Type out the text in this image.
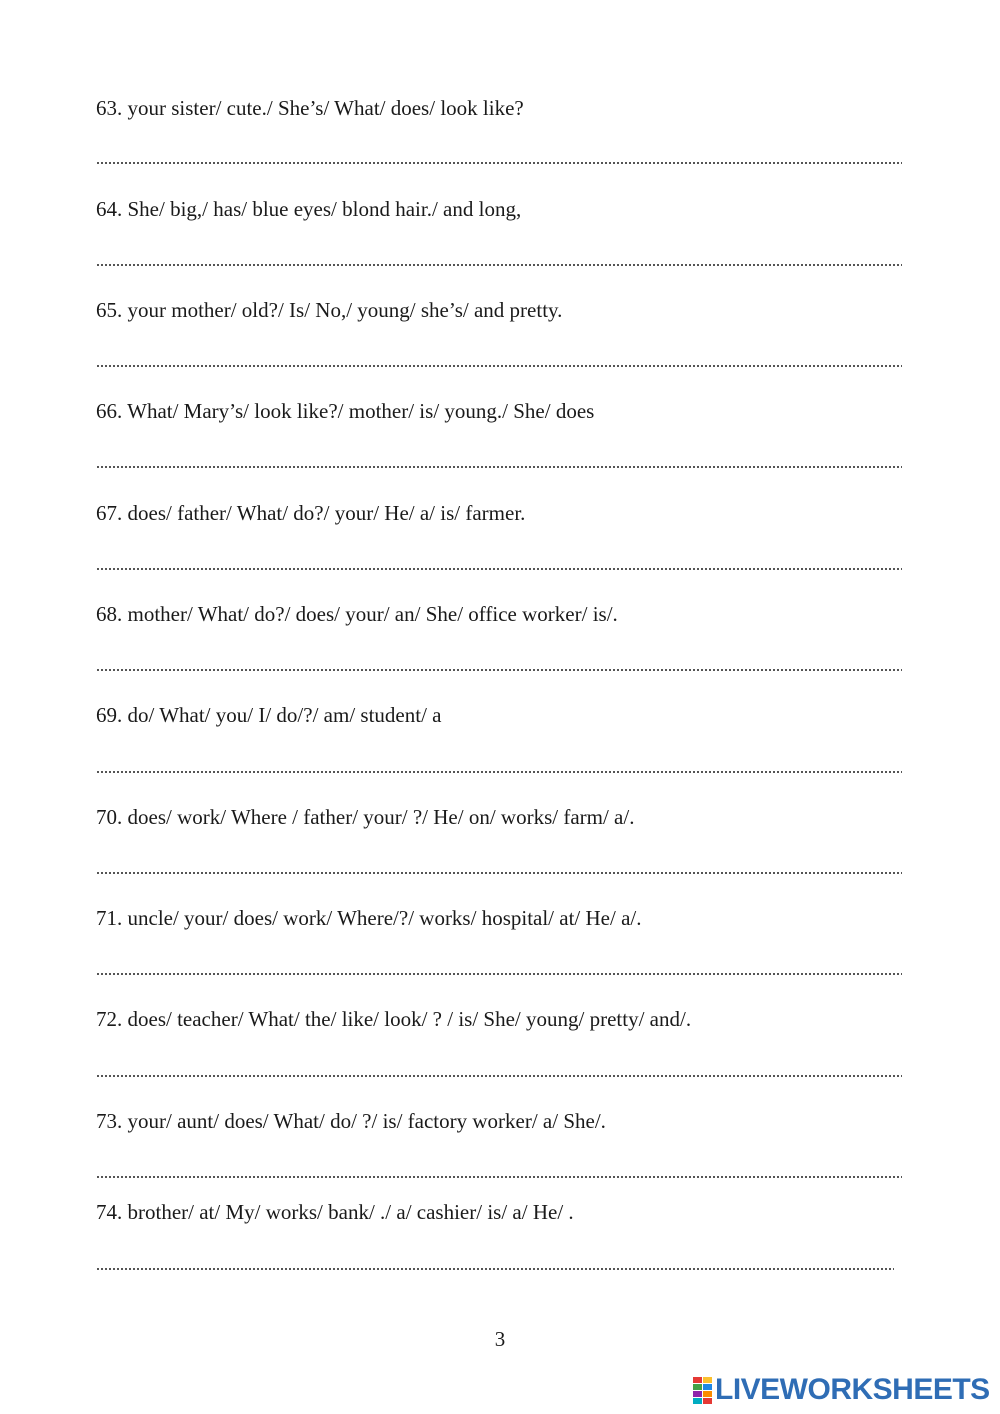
63. your sister/ cute./ She’s/ What/ does/ look like?
64. She/ big,/ has/ blue eyes/ blond hair./ and long,
65. your mother/ old?/ Is/ No,/ young/ she’s/ and pretty.
66. What/ Mary’s/ look like?/ mother/ is/ young./ She/ does
67. does/ father/ What/ do?/ your/ He/ a/ is/ farmer.
68. mother/ What/ do?/ does/ your/ an/ She/ office worker/ is/.
69. do/ What/ you/ I/ do/?/ am/ student/ a
70. does/ work/ Where / father/ your/ ?/ He/ on/ works/ farm/ a/.
71. uncle/ your/ does/ work/ Where/?/ works/ hospital/ at/ He/ a/.
72. does/ teacher/ What/ the/ like/ look/ ? / is/ She/ young/ pretty/ and/.
73. your/ aunt/ does/ What/ do/ ?/ is/ factory worker/ a/ She/.
74. brother/ at/ My/ works/ bank/ ./ a/ cashier/ is/ a/ He/ .
3
LIVEWORKSHEETS
